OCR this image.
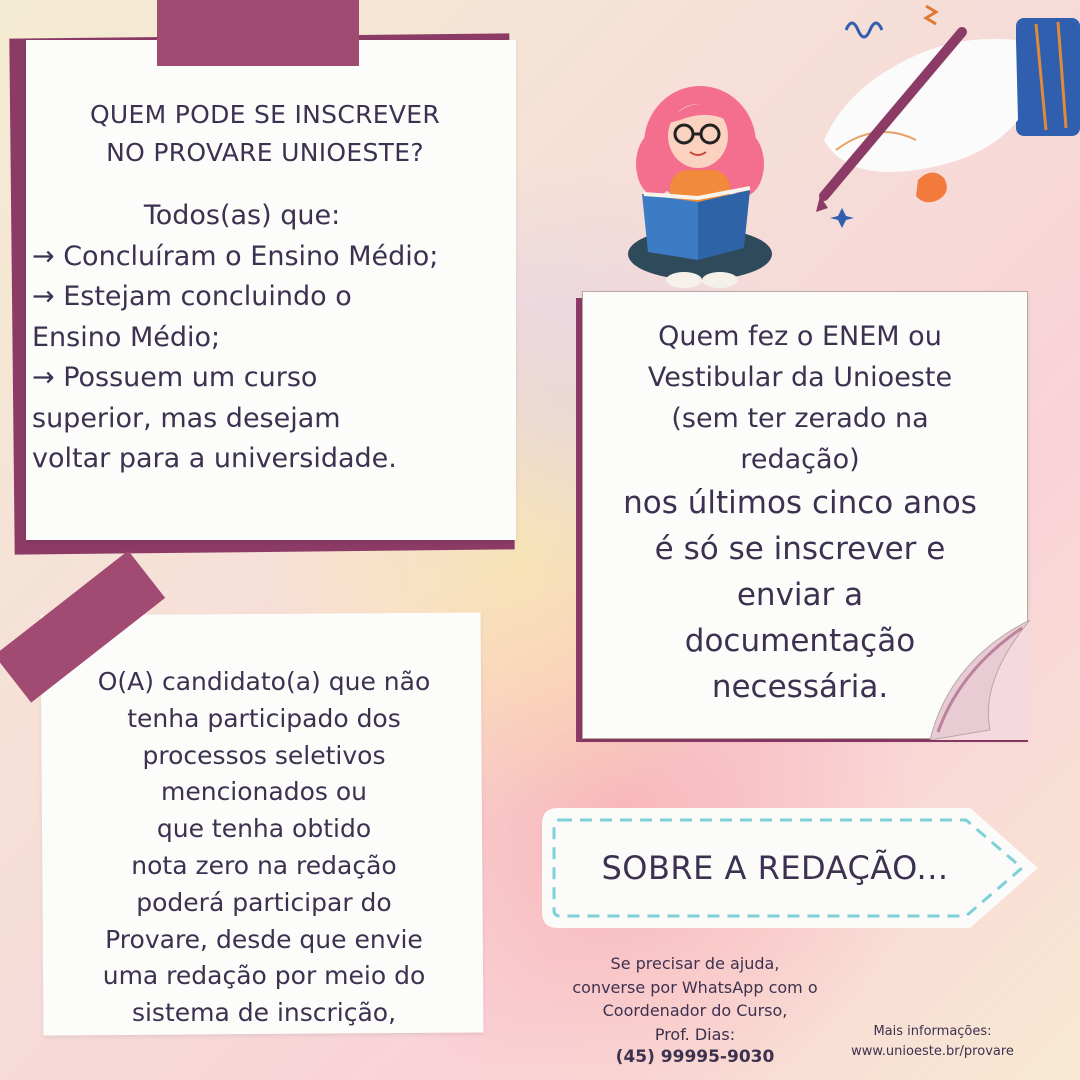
QUEM PODE SE INSCREVER
NO PROVARE UNIOESTE?
Todos(as) que:
→ Concluíram o Ensino Médio;
→ Estejam concluindo o
Ensino Médio;
→ Possuem um curso
superior, mas desejam
voltar para a universidade.
Quem fez o ENEM ou
Vestibular da Unioeste
(sem ter zerado na
redação)
nos últimos cinco anos
é só se inscrever e
enviar a
documentação
necessária.
O(A) candidato(a) que não
tenha participado dos
processos seletivos
mencionados ou
que tenha obtido
nota zero na redação
poderá participar do
Provare, desde que envie
uma redação por meio do
sistema de inscrição,
SOBRE A REDAÇÃO...
Se precisar de ajuda,
converse por WhatsApp com o
Coordenador do Curso,
Prof. Dias:
(45) 99995-9030
Mais informações:
www.unioeste.br/provare
